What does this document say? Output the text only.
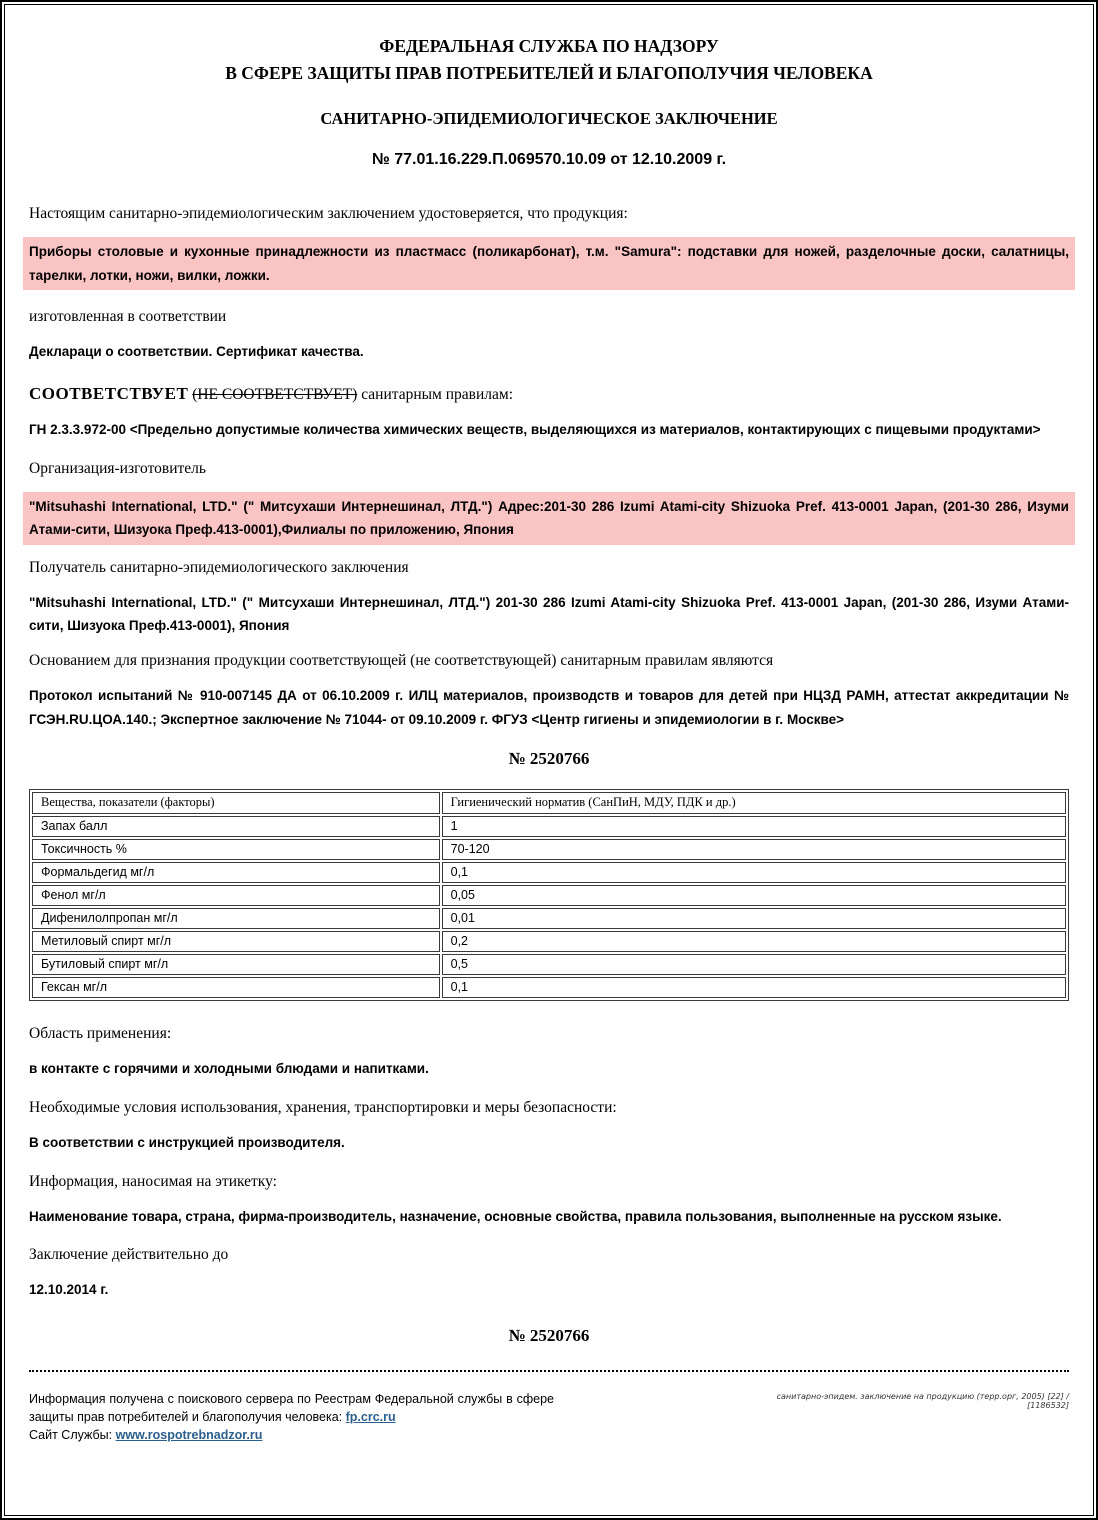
ФЕДЕРАЛЬНАЯ СЛУЖБА ПО НАДЗОРУ
В СФЕРЕ ЗАЩИТЫ ПРАВ ПОТРЕБИТЕЛЕЙ И БЛАГОПОЛУЧИЯ ЧЕЛОВЕКА
САНИТАРНО-ЭПИДЕМИОЛОГИЧЕСКОЕ ЗАКЛЮЧЕНИЕ
№ 77.01.16.229.П.069570.10.09 от 12.10.2009 г.
Настоящим санитарно-эпидемиологическим заключением удостоверяется, что продукция:
Приборы столовые и кухонные принадлежности из пластмасс (поликарбонат), т.м. "Samura": подставки для ножей, разделочные доски, салатницы, тарелки, лотки, ножи, вилки, ложки.
изготовленная в соответствии
Деклараци о соответствии. Сертификат качества.
СООТВЕТСТВУЕТ (НЕ СООТВЕТСТВУЕТ) санитарным правилам:
ГН 2.3.3.972-00 <Предельно допустимые количества химических веществ, выделяющихся из материалов, контактирующих с пищевыми продуктами>
Организация-изготовитель
"Mitsuhashi International, LTD." (" Митсухаши Интернешинал, ЛТД.") Адрес:201-30 286 Izumi Atami-city Shizuoka Pref. 413-0001 Japan, (201-30 286, Изуми Атами-сити, Шизуока Преф.413-0001),Филиалы по приложению, Япония
Получатель санитарно-эпидемиологического заключения
"Mitsuhashi International, LTD." (" Митсухаши Интернешинал, ЛТД.") 201-30 286 Izumi Atami-city Shizuoka Pref. 413-0001 Japan, (201-30 286, Изуми Атами-сити, Шизуока Преф.413-0001), Япония
Основанием для признания продукции соответствующей (не соответствующей) санитарным правилам являются
Протокол испытаний № 910-007145 ДА от 06.10.2009 г. ИЛЦ материалов, производств и товаров для детей при НЦЗД РАМН, аттестат аккредитации № ГСЭН.RU.ЦОА.140.; Экспертное заключение № 71044- от 09.10.2009 г. ФГУЗ <Центр гигиены и эпидемиологии в г. Москве>
№ 2520766
Вещества, показатели (факторы)	Гигиенический норматив (СанПиН, МДУ, ПДК и др.)
Запах балл	1
Токсичность %	70-120
Формальдегид мг/л	0,1
Фенол мг/л	0,05
Дифенилолпропан мг/л	0,01
Метиловый спирт мг/л	0,2
Бутиловый спирт мг/л	0,5
Гексан мг/л	0,1
Область применения:
в контакте с горячими и холодными блюдами и напитками.
Необходимые условия использования, хранения, транспортировки и меры безопасности:
В соответствии с инструкцией производителя.
Информация, наносимая на этикетку:
Наименование товара, страна, фирма-производитель, назначение, основные свойства, правила пользования, выполненные на русском языке.
Заключение действительно до
12.10.2014 г.
№ 2520766
Информация получена с поискового сервера по Реестрам Федеральной службы в сфере защиты прав потребителей и благополучия человека: fp.crc.ru
Сайт Службы: www.rospotrebnadzor.ru
санитарно-эпидем. заключение на продукцию (терр.орг, 2005) [22] / [1186532]
